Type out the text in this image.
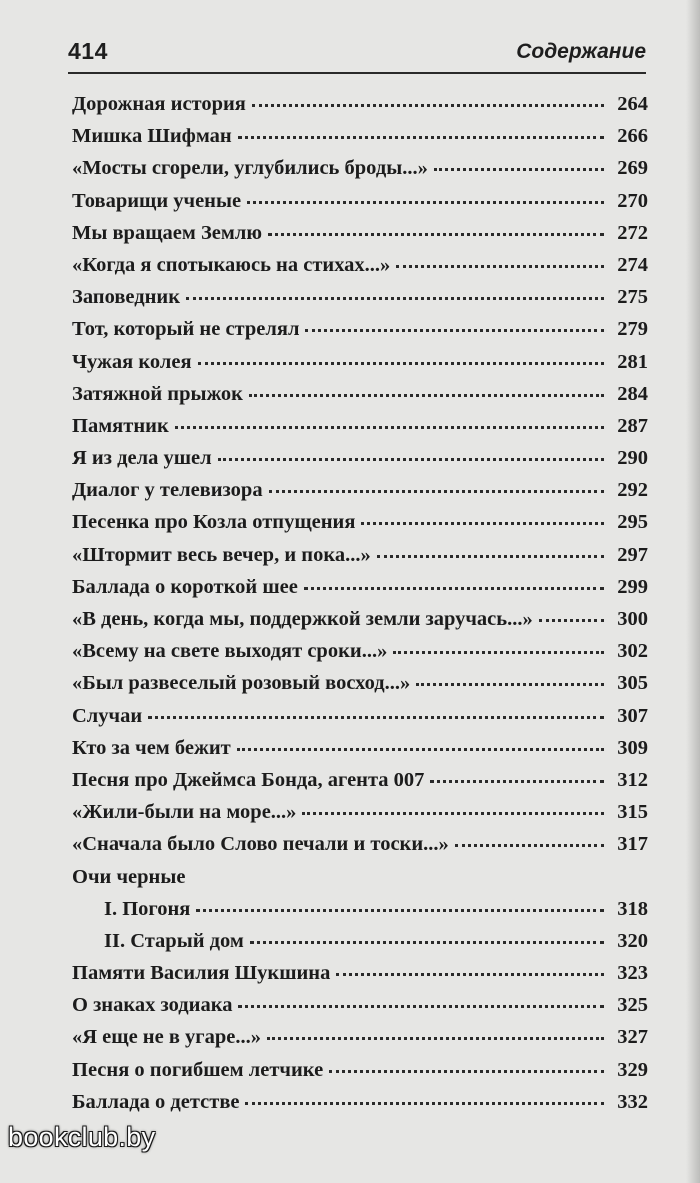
414	Содержание
Дорожная история	264
Мишка Шифман	266
«Мосты сгорели, углубились броды...»	269
Товарищи ученые	270
Мы вращаем Землю	272
«Когда я спотыкаюсь на стихах...»	274
Заповедник	275
Тот, который не стрелял	279
Чужая колея	281
Затяжной прыжок	284
Памятник	287
Я из дела ушел	290
Диалог у телевизора	292
Песенка про Козла отпущения	295
«Штормит весь вечер, и пока...»	297
Баллада о короткой шее	299
«В день, когда мы, поддержкой земли заручась...»	300
«Всему на свете выходят сроки...»	302
«Был развеселый розовый восход...»	305
Случаи	307
Кто за чем бежит	309
Песня про Джеймса Бонда, агента 007	312
«Жили-были на море...»	315
«Сначала было Слово печали и тоски...»	317
Очи черные
I. Погоня	318
II. Старый дом	320
Памяти Василия Шукшина	323
О знаках зодиака	325
«Я еще не в угаре...»	327
Песня о погибшем летчике	329
Баллада о детстве	332
bookclub.by
